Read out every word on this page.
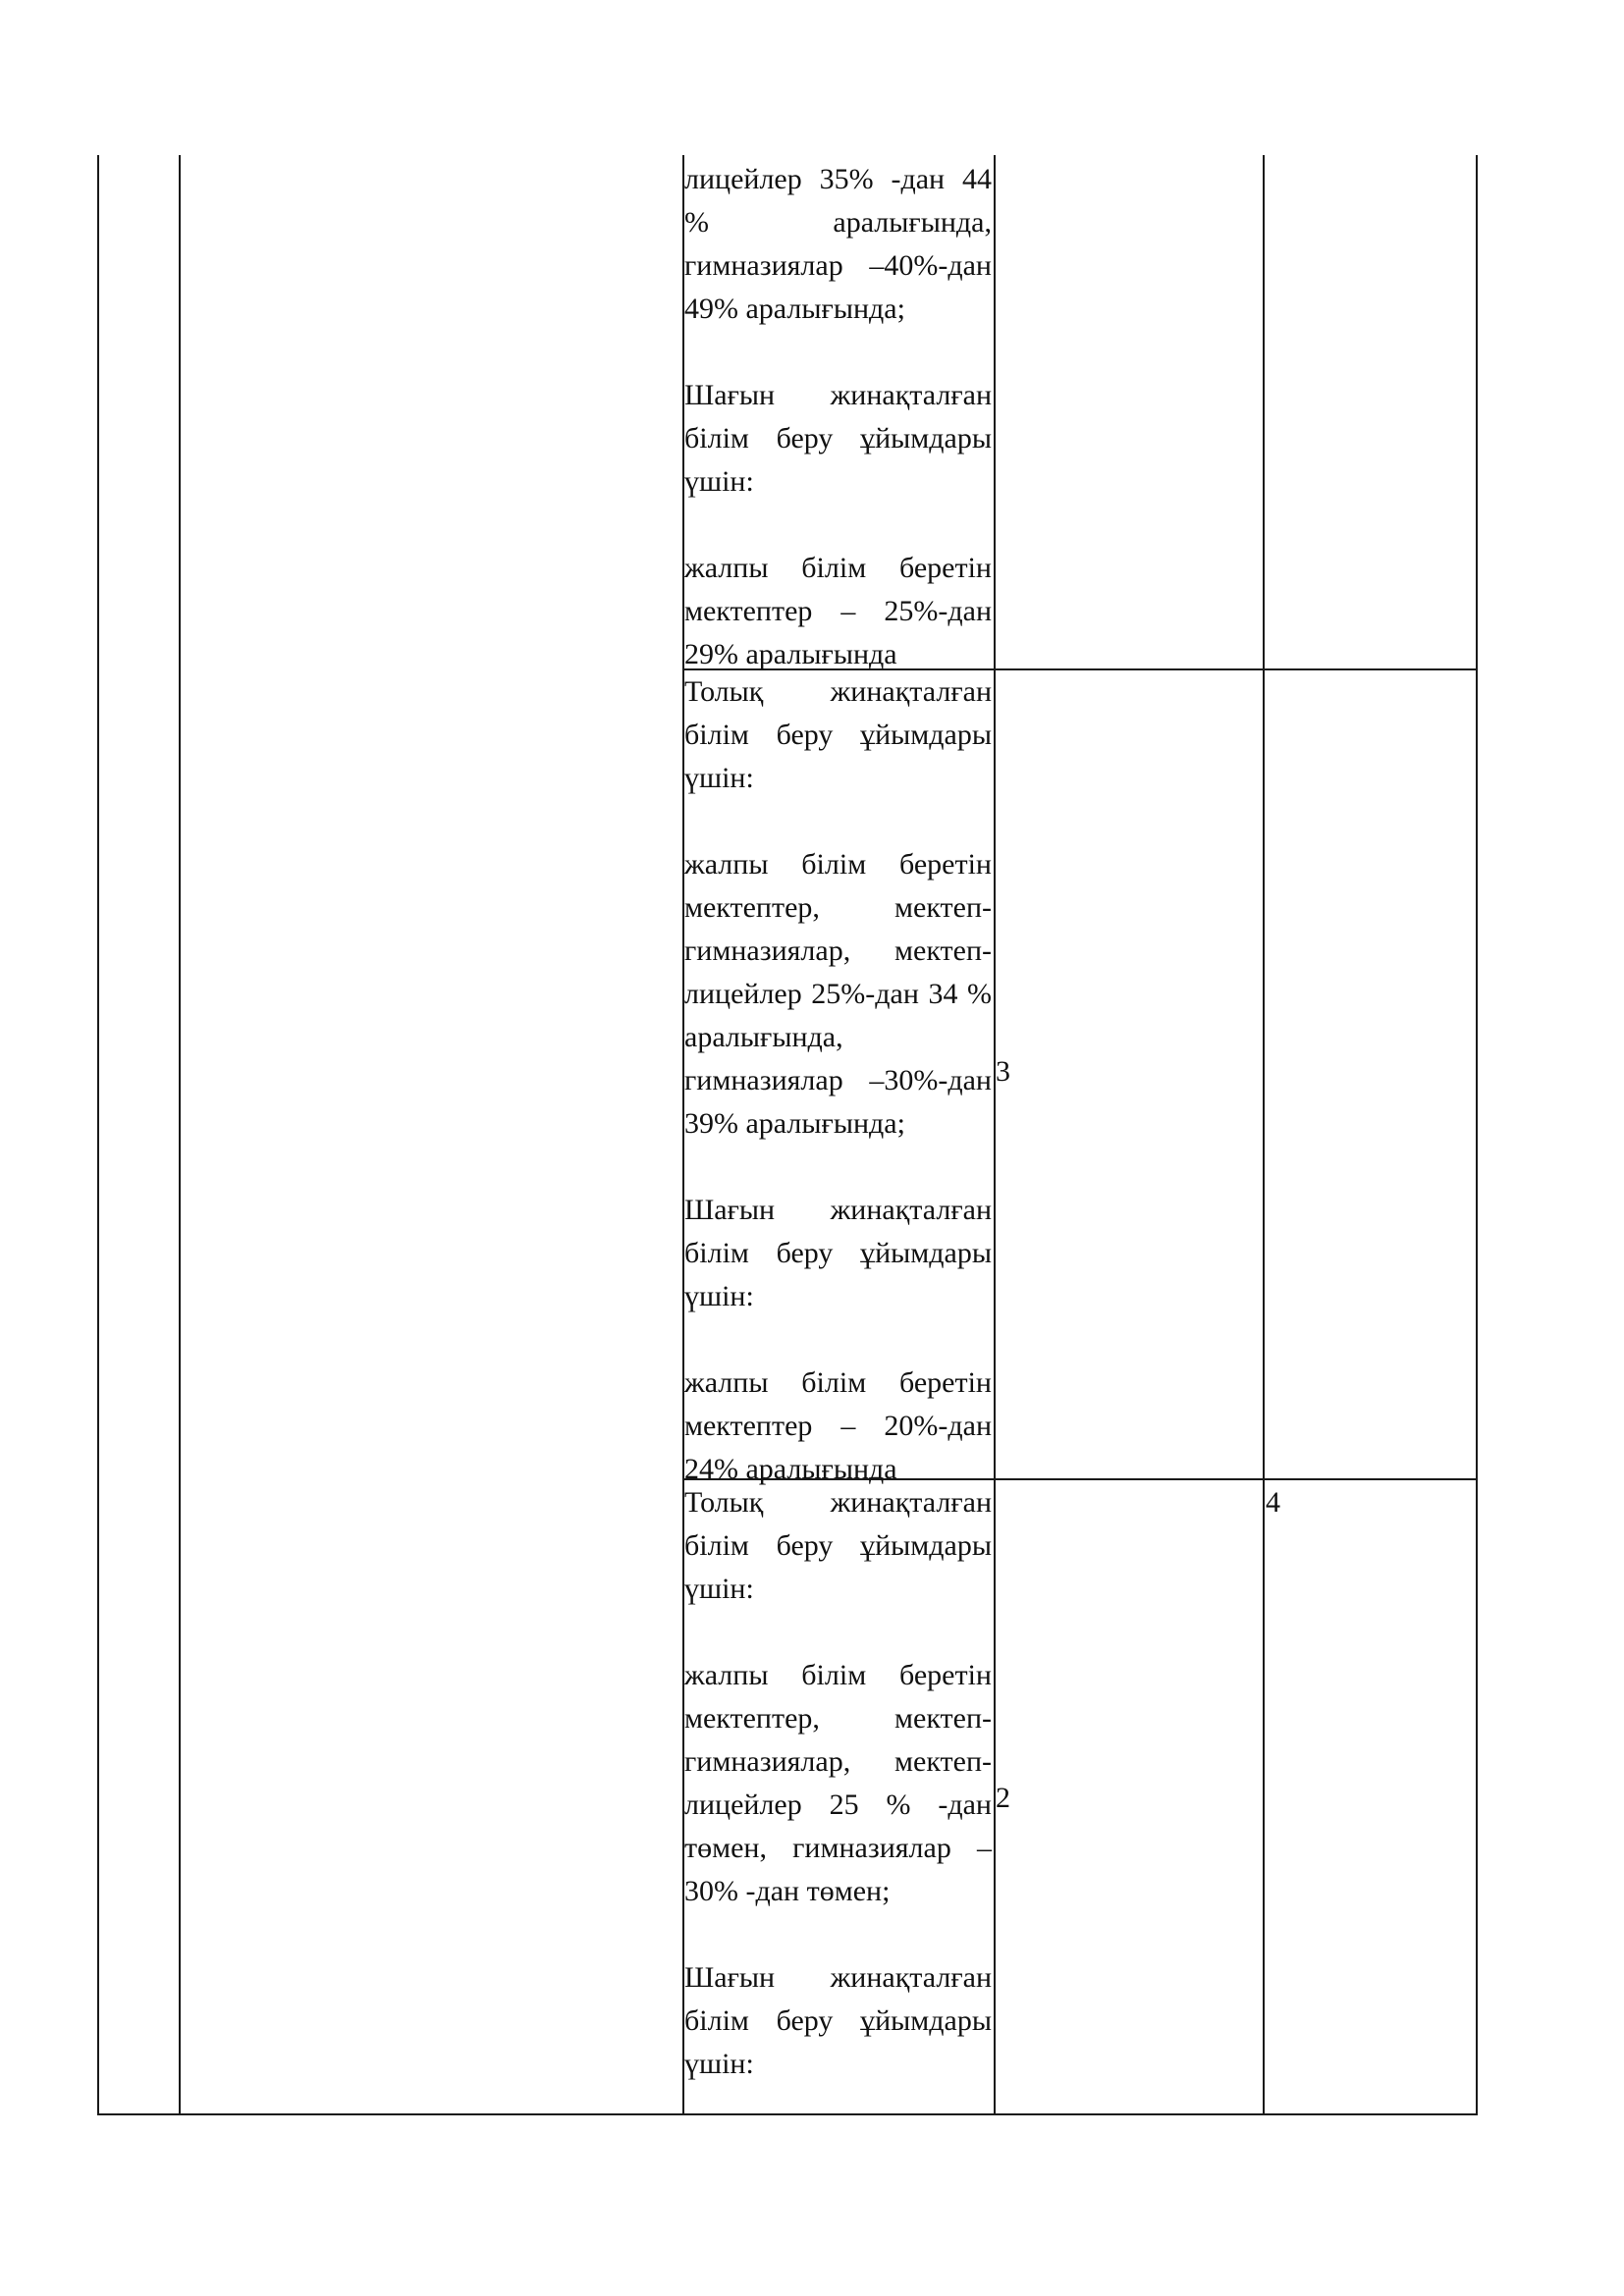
лицейлер 35% -дан 44 % аралығында, гимназиялар –40%-дан 49% аралығында;

Шағын жинақталған білім беру ұйымдары үшін:

жалпы білім беретін мектептер – 25%-дан 29% аралығында

Толық жинақталған білім беру ұйымдары үшін:

жалпы білім беретін мектептер, мектеп-гимназиялар, мектеп-лицейлер 25%-дан 34 % аралығында, гимназиялар –30%-дан 39% аралығында;

Шағын жинақталған білім беру ұйымдары үшін:

жалпы білім беретін мектептер – 20%-дан 24% аралығында

3

Толық жинақталған білім беру ұйымдары үшін:

жалпы білім беретін мектептер, мектеп-гимназиялар, мектеп-лицейлер 25 % -дан төмен, гимназиялар – 30% -дан төмен;

Шағын жинақталған білім беру ұйымдары үшін:

2
4
